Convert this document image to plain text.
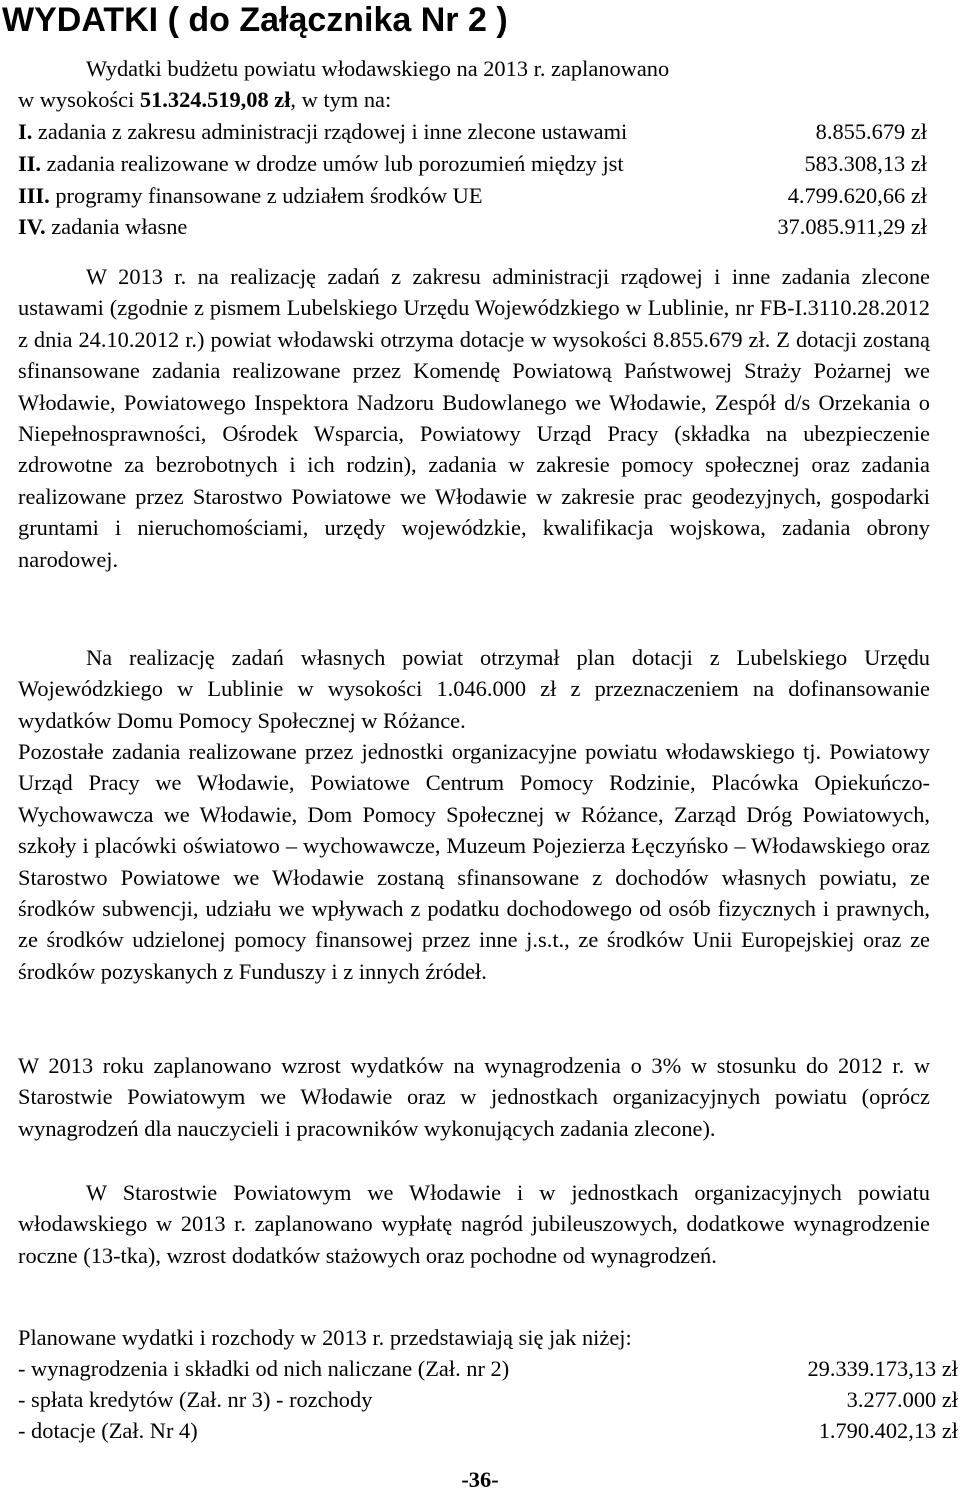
WYDATKI ( do Załącznika Nr 2 )
Wydatki budżetu powiatu włodawskiego na 2013 r. zaplanowano
w wysokości 51.324.519,08 zł, w tym na:
I. zadania z zakresu administracji rządowej i inne zlecone ustawami	8.855.679 zł
II. zadania realizowane w drodze umów lub porozumień między jst	583.308,13 zł
III. programy finansowane z udziałem środków UE	4.799.620,66 zł
IV. zadania własne	37.085.911,29 zł

W 2013 r. na realizację zadań z zakresu administracji rządowej i inne zadania zlecone ustawami (zgodnie z pismem Lubelskiego Urzędu Wojewódzkiego w Lublinie, nr FB-I.3110.28.2012 z dnia 24.10.2012 r.) powiat włodawski otrzyma dotacje w wysokości 8.855.679 zł. Z dotacji zostaną sfinansowane zadania realizowane przez Komendę Powiatową Państwowej Straży Pożarnej we Włodawie, Powiatowego Inspektora Nadzoru Budowlanego we Włodawie, Zespół d/s Orzekania o Niepełnosprawności, Ośrodek Wsparcia, Powiatowy Urząd Pracy (składka na ubezpieczenie zdrowotne za bezrobotnych i ich rodzin), zadania w zakresie pomocy społecznej oraz zadania realizowane przez Starostwo Powiatowe we Włodawie w zakresie prac geodezyjnych, gospodarki gruntami i nieruchomościami, urzędy wojewódzkie, kwalifikacja wojskowa, zadania obrony narodowej.

Na realizację zadań własnych powiat otrzymał plan dotacji z Lubelskiego Urzędu Wojewódzkiego w Lublinie w wysokości 1.046.000 zł z przeznaczeniem na dofinansowanie wydatków Domu Pomocy Społecznej w Różance.

Pozostałe zadania realizowane przez jednostki organizacyjne powiatu włodawskiego tj. Powiatowy Urząd Pracy we Włodawie, Powiatowe Centrum Pomocy Rodzinie, Placówka Opiekuńczo-Wychowawcza we Włodawie, Dom Pomocy Społecznej w Różance, Zarząd Dróg Powiatowych, szkoły i placówki oświatowo – wychowawcze, Muzeum Pojezierza Łęczyńsko – Włodawskiego oraz Starostwo Powiatowe we Włodawie zostaną sfinansowane z dochodów własnych powiatu, ze środków subwencji, udziału we wpływach z podatku dochodowego od osób fizycznych i prawnych, ze środków udzielonej pomocy finansowej przez inne j.s.t., ze środków Unii Europejskiej oraz ze środków pozyskanych z Funduszy i z innych źródeł.

W 2013 roku zaplanowano wzrost wydatków na wynagrodzenia o 3% w stosunku do 2012 r. w Starostwie Powiatowym we Włodawie oraz w jednostkach organizacyjnych powiatu (oprócz wynagrodzeń dla nauczycieli i pracowników wykonujących zadania zlecone).

W Starostwie Powiatowym we Włodawie i w jednostkach organizacyjnych powiatu włodawskiego w 2013 r. zaplanowano wypłatę nagród jubileuszowych, dodatkowe wynagrodzenie roczne (13-tka), wzrost dodatków stażowych oraz pochodne od wynagrodzeń.

Planowane wydatki i rozchody w 2013 r. przedstawiają się jak niżej:
- wynagrodzenia i składki od nich naliczane (Zał. nr 2)	29.339.173,13 zł
- spłata kredytów (Zał. nr 3) - rozchody	3.277.000 zł
- dotacje (Zał. Nr 4)	1.790.402,13 zł
-36-
